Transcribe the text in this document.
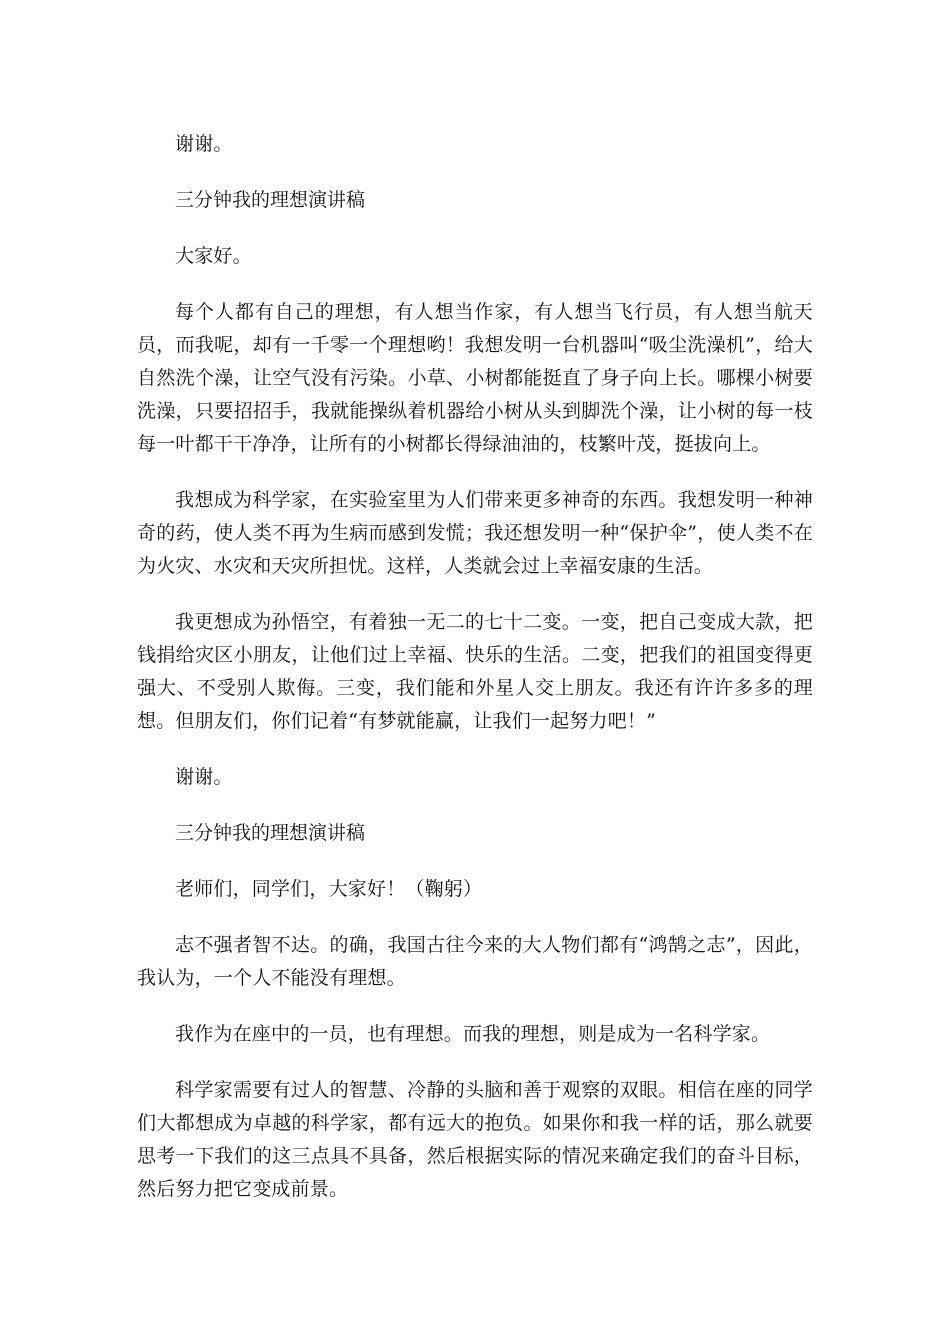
谢谢。

三分钟我的理想演讲稿

大家好。

每个人都有自己的理想，有人想当作家，有人想当飞行员，有人想当航天员，而我呢，却有一千零一个理想哟！我想发明一台机器叫“吸尘洗澡机”，给大自然洗个澡，让空气没有污染。小草、小树都能挺直了身子向上长。哪棵小树要洗澡，只要招招手，我就能操纵着机器给小树从头到脚洗个澡，让小树的每一枝每一叶都干干净净，让所有的小树都长得绿油油的，枝繁叶茂，挺拔向上。

我想成为科学家，在实验室里为人们带来更多神奇的东西。我想发明一种神奇的药，使人类不再为生病而感到发慌；我还想发明一种“保护伞”，使人类不在为火灾、水灾和天灾所担忧。这样，人类就会过上幸福安康的生活。

我更想成为孙悟空，有着独一无二的七十二变。一变，把自己变成大款，把钱捐给灾区小朋友，让他们过上幸福、快乐的生活。二变，把我们的祖国变得更强大、不受别人欺侮。三变，我们能和外星人交上朋友。我还有许许多多的理想。但朋友们，你们记着“有梦就能赢，让我们一起努力吧！”

谢谢。

三分钟我的理想演讲稿

老师们，同学们，大家好！（鞠躬）

志不强者智不达。的确，我国古往今来的大人物们都有“鸿鹄之志”，因此，我认为，一个人不能没有理想。

我作为在座中的一员，也有理想。而我的理想，则是成为一名科学家。

科学家需要有过人的智慧、冷静的头脑和善于观察的双眼。相信在座的同学们大都想成为卓越的科学家，都有远大的抱负。如果你和我一样的话，那么就要思考一下我们的这三点具不具备，然后根据实际的情况来确定我们的奋斗目标，然后努力把它变成前景。
